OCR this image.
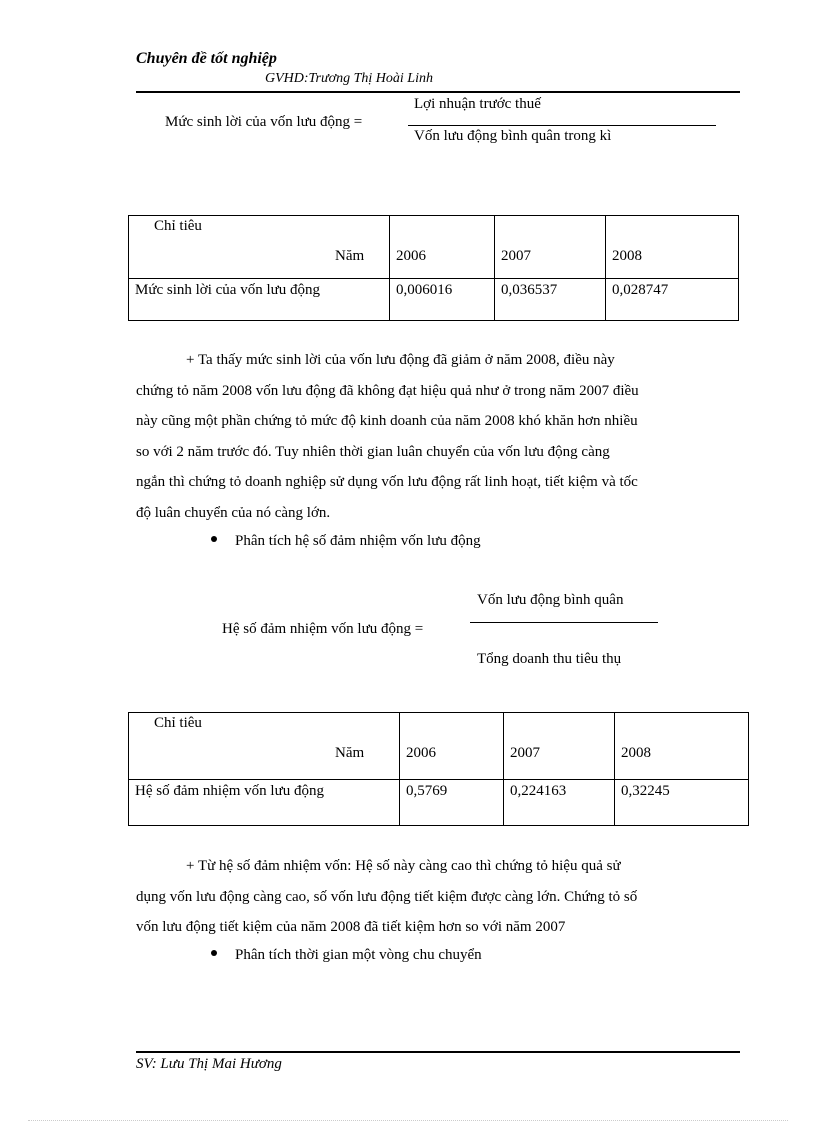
Chuyên đề tốt nghiệp
GVHD:Trương Thị Hoài Linh
Mức sinh lời của vốn lưu động =
Lợi nhuận trước thuế
Vốn lưu động bình quân trong kì
Chỉ tiêu
Năm	2006	2007	2008
Mức sinh lời của vốn lưu động	0,006016	0,036537	0,028747

+ Ta thấy mức sinh lời của vốn lưu động đã giảm ở năm 2008, điều này

chứng tỏ năm 2008 vốn lưu động đã không đạt hiệu quả như ở trong năm 2007 điều

này cũng một phần chứng tỏ mức độ kinh doanh của năm 2008 khó khăn hơn nhiều

so với 2 năm trước đó. Tuy nhiên thời gian luân chuyển của vốn lưu động càng

ngắn thì chứng tỏ doanh nghiệp sử dụng vốn lưu động rất linh hoạt, tiết kiệm và tốc

độ luân chuyển của nó càng lớn.

Phân tích hệ số đảm nhiệm vốn lưu động
Hệ số đảm nhiệm vốn lưu động =
Vốn lưu động bình quân
Tổng doanh thu tiêu thụ
Chỉ tiêu
Năm	2006	2007	2008
Hệ số đảm nhiệm vốn lưu động	0,5769	0,224163	0,32245

+ Từ hệ số đảm nhiệm vốn: Hệ số này càng cao thì chứng tỏ hiệu quả sử

dụng vốn lưu động càng cao, số vốn lưu động tiết kiệm được càng lớn. Chứng tỏ số

vốn lưu động tiết kiệm của năm 2008 đã tiết kiệm hơn so với năm 2007

Phân tích thời gian một vòng chu chuyển
SV: Lưu Thị Mai Hương
